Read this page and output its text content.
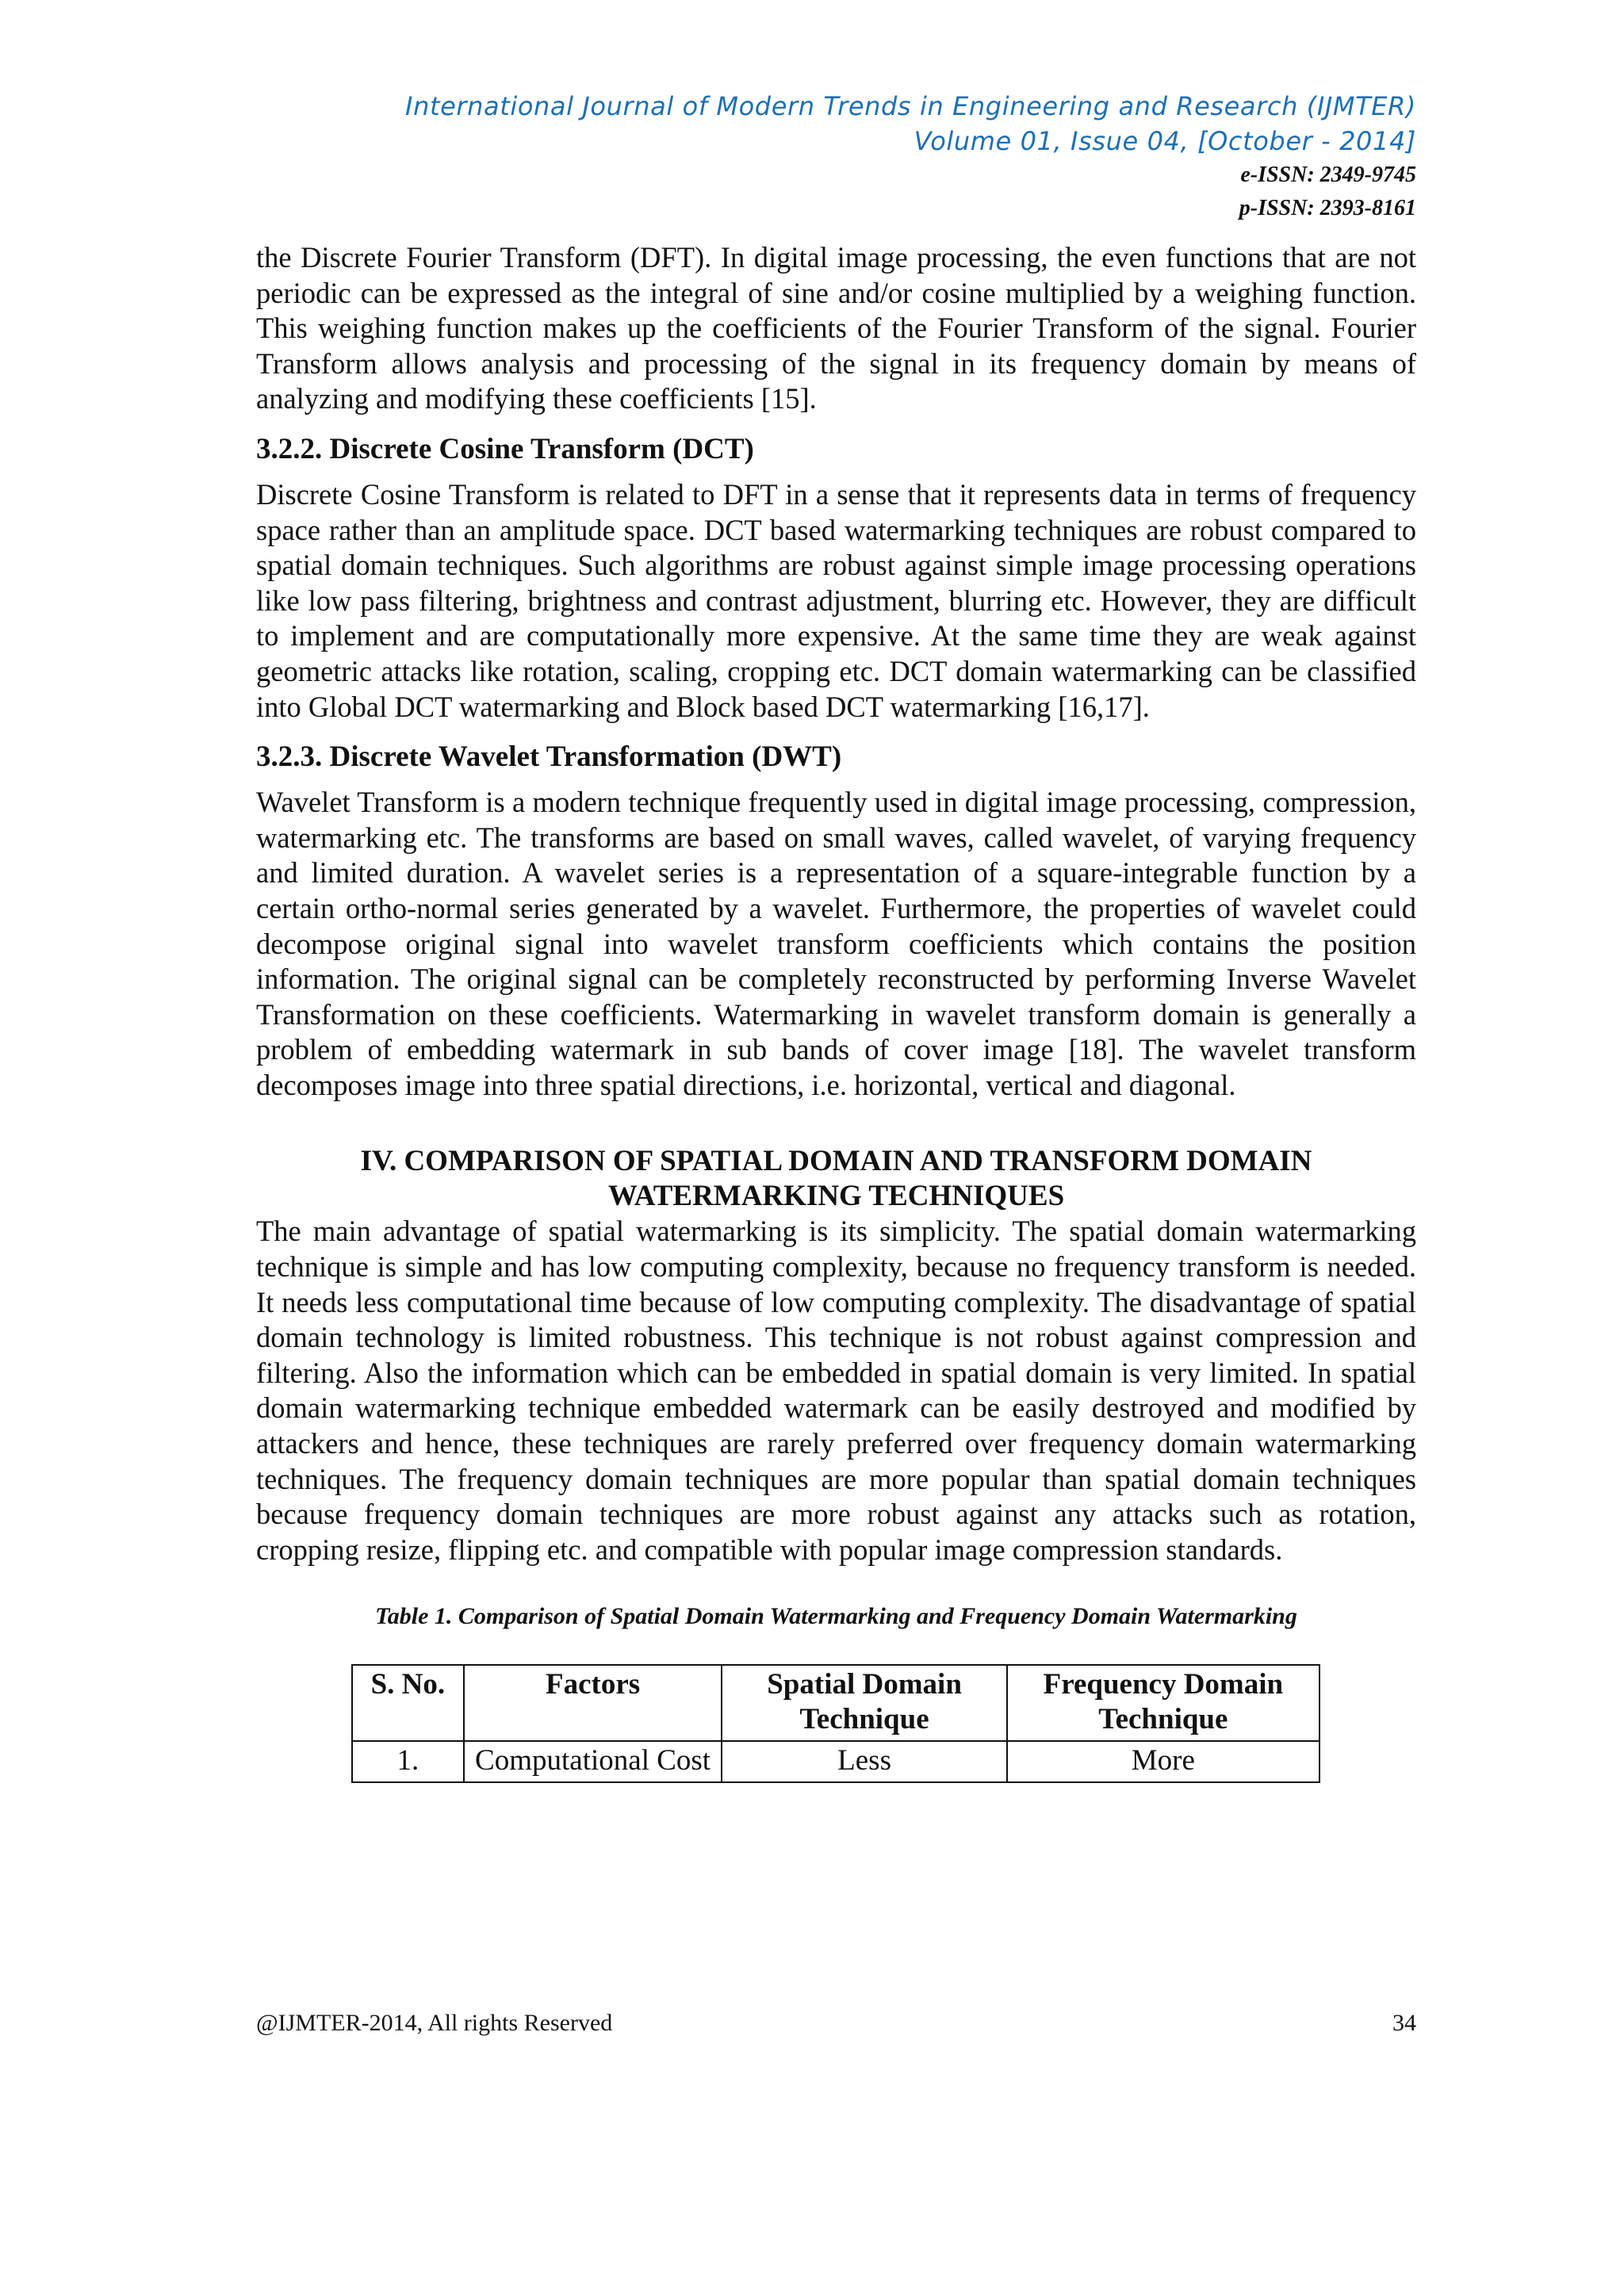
International Journal of Modern Trends in Engineering and Research (IJMTER)
Volume 01, Issue 04, [October - 2014]
e-ISSN: 2349-9745
p-ISSN: 2393-8161

the Discrete Fourier Transform (DFT). In digital image processing, the even functions that are not periodic can be expressed as the integral of sine and/or cosine multiplied by a weighing function. This weighing function makes up the coefficients of the Fourier Transform of the signal. Fourier Transform allows analysis and processing of the signal in its frequency domain by means of analyzing and modifying these coefficients [15].

3.2.2. Discrete Cosine Transform (DCT)

Discrete Cosine Transform is related to DFT in a sense that it represents data in terms of frequency space rather than an amplitude space. DCT based watermarking techniques are robust compared to spatial domain techniques. Such algorithms are robust against simple image processing operations like low pass filtering, brightness and contrast adjustment, blurring etc. However, they are difficult to implement and are computationally more expensive. At the same time they are weak against geometric attacks like rotation, scaling, cropping etc. DCT domain watermarking can be classified into Global DCT watermarking and Block based DCT watermarking [16,17].

3.2.3. Discrete Wavelet Transformation (DWT)

Wavelet Transform is a modern technique frequently used in digital image processing, compression, watermarking etc. The transforms are based on small waves, called wavelet, of varying frequency and limited duration. A wavelet series is a representation of a square-integrable function by a certain ortho-normal series generated by a wavelet. Furthermore, the properties of wavelet could decompose original signal into wavelet transform coefficients which contains the position information. The original signal can be completely reconstructed by performing Inverse Wavelet Transformation on these coefficients. Watermarking in wavelet transform domain is generally a problem of embedding watermark in sub bands of cover image [18]. The wavelet transform decomposes image into three spatial directions, i.e. horizontal, vertical and diagonal.

IV. COMPARISON OF SPATIAL DOMAIN AND TRANSFORM DOMAIN
WATERMARKING TECHNIQUES

The main advantage of spatial watermarking is its simplicity. The spatial domain watermarking technique is simple and has low computing complexity, because no frequency transform is needed. It needs less computational time because of low computing complexity. The disadvantage of spatial domain technology is limited robustness. This technique is not robust against compression and filtering. Also the information which can be embedded in spatial domain is very limited. In spatial domain watermarking technique embedded watermark can be easily destroyed and modified by attackers and hence, these techniques are rarely preferred over frequency domain watermarking techniques. The frequency domain techniques are more popular than spatial domain techniques because frequency domain techniques are more robust against any attacks such as rotation, cropping resize, flipping etc. and compatible with popular image compression standards.

Table 1. Comparison of Spatial Domain Watermarking and Frequency Domain Watermarking
S. No.	Factors	Spatial Domain Technique	Frequency Domain Technique
1.	Computational Cost	Less	More
@IJMTER-2014, All rights Reserved	34
